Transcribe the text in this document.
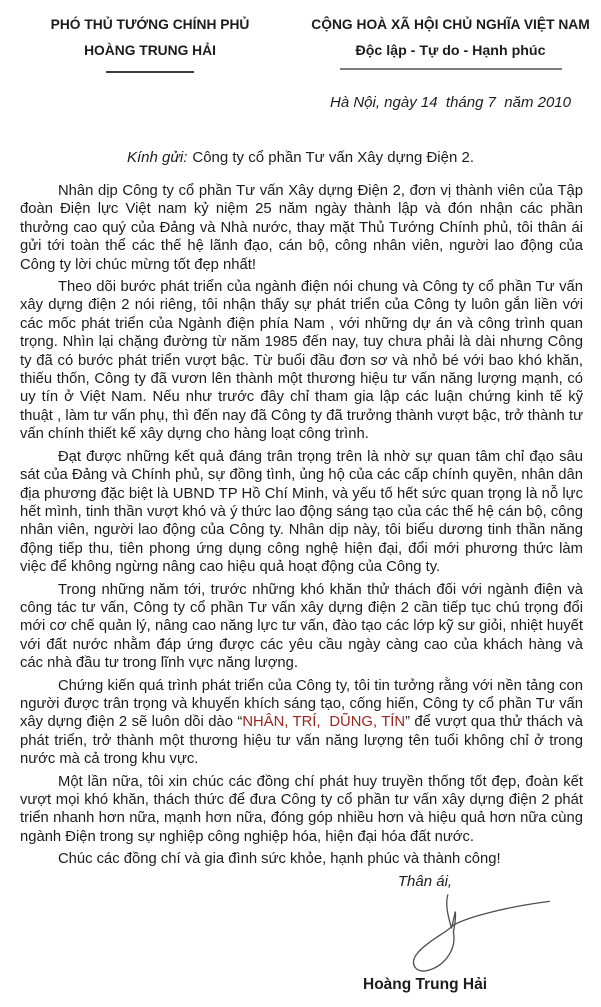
PHÓ THỦ TƯỚNG CHÍNH PHỦ
HOÀNG TRUNG HẢI
CỘNG HOÀ XÃ HỘI CHỦ NGHĨA VIỆT NAM
Độc lập - Tự do - Hạnh phúc
Hà Nội, ngày 14  tháng 7  năm 2010
Kính gửi: Công ty cổ phần Tư vấn Xây dựng Điện 2.

Nhân dịp Công ty cổ phần Tư vấn Xây dựng Điện 2, đơn vị thành viên của Tập đoàn Điện lực Việt nam kỷ niệm 25 năm ngày thành lập và đón nhận các phần thưởng cao quý của Đảng và Nhà nước, thay mặt Thủ Tướng Chính phủ, tôi thân ái gửi tới toàn thể các thế hệ lãnh đạo, cán bộ, công nhân viên, người lao động của Công ty lời chúc mừng tốt đẹp nhất!

Theo dõi bước phát triển của ngành điện nói chung và Công ty cổ phần Tư vấn xây dựng điện 2 nói riêng, tôi nhận thấy sự phát triển của Công ty luôn gắn liền với các mốc phát triển của Ngành điện phía Nam , với những dự án và công trình quan trọng. Nhìn lại chặng đường từ năm 1985 đến nay, tuy chưa phải là dài nhưng Công ty đã có bước phát triển vượt bậc. Từ buổi đầu đơn sơ và nhỏ bé với bao khó khăn, thiếu thốn, Công ty đã vươn lên thành một thương hiệu tư vấn năng lượng mạnh, có uy tín ở Việt Nam. Nếu như trước đây chỉ tham gia lập các luận chứng kinh tế kỹ thuật , làm tư vấn phụ, thì đến nay đã Công ty đã trưởng thành vượt bậc, trở thành tư vấn chính thiết kế xây dựng cho hàng loạt công trình.

Đạt được những kết quả đáng trân trọng trên là nhờ sự quan tâm chỉ đạo sâu sát của Đảng và Chính phủ, sự đồng tình, ủng hộ của các cấp chính quyền, nhân dân địa phương đặc biệt là UBND TP Hồ Chí Minh, và yếu tố hết sức quan trọng là nỗ lực hết mình, tinh thần vượt khó và ý thức lao động sáng tạo của các thế hệ cán bộ, công nhân viên, người lao động của Công ty. Nhân dịp này, tôi biểu dương tinh thần năng động tiếp thu, tiên phong ứng dụng công nghệ hiện đại, đổi mới phương thức làm việc để không ngừng nâng cao hiệu quả hoạt động của Công ty.

Trong những năm tới, trước những khó khăn thử thách đối với ngành điện và công tác tư vấn, Công ty cổ phần Tư vấn xây dựng điện 2 cần tiếp tục chú trọng đổi mới cơ chế quản lý, nâng cao năng lực tư vấn, đào tạo các lớp kỹ sư giỏi, nhiệt huyết với đất nước nhằm đáp ứng được các yêu cầu ngày càng cao của khách hàng và các nhà đầu tư trong lĩnh vực năng lượng.

Chứng kiến quá trình phát triển của Công ty, tôi tin tưởng rằng với nền tảng con người được trân trọng và khuyến khích sáng tạo, cống hiến, Công ty cổ phần Tư vấn xây dựng điện 2 sẽ luôn dồi dào “NHÂN, TRÍ,  DŨNG, TÍN” để vượt qua thử thách và phát triển, trở thành một thương hiệu tư vấn năng lượng tên tuổi không chỉ ở trong nước mà cả trong khu vực.

Một lần nữa, tôi xin chúc các đồng chí phát huy truyền thống tốt đẹp, đoàn kết vượt mọi khó khăn, thách thức để đưa Công ty cổ phần tư vấn xây dựng điện 2 phát triển nhanh hơn nữa, mạnh hơn nữa, đóng góp nhiều hơn và hiệu quả hơn nữa cùng ngành Điện trong sự nghiệp công nghiệp hóa, hiện đại hóa đất nước.

Chúc các đồng chí và gia đình sức khỏe, hạnh phúc và thành công!

Thân ái,
Hoàng Trung Hải
